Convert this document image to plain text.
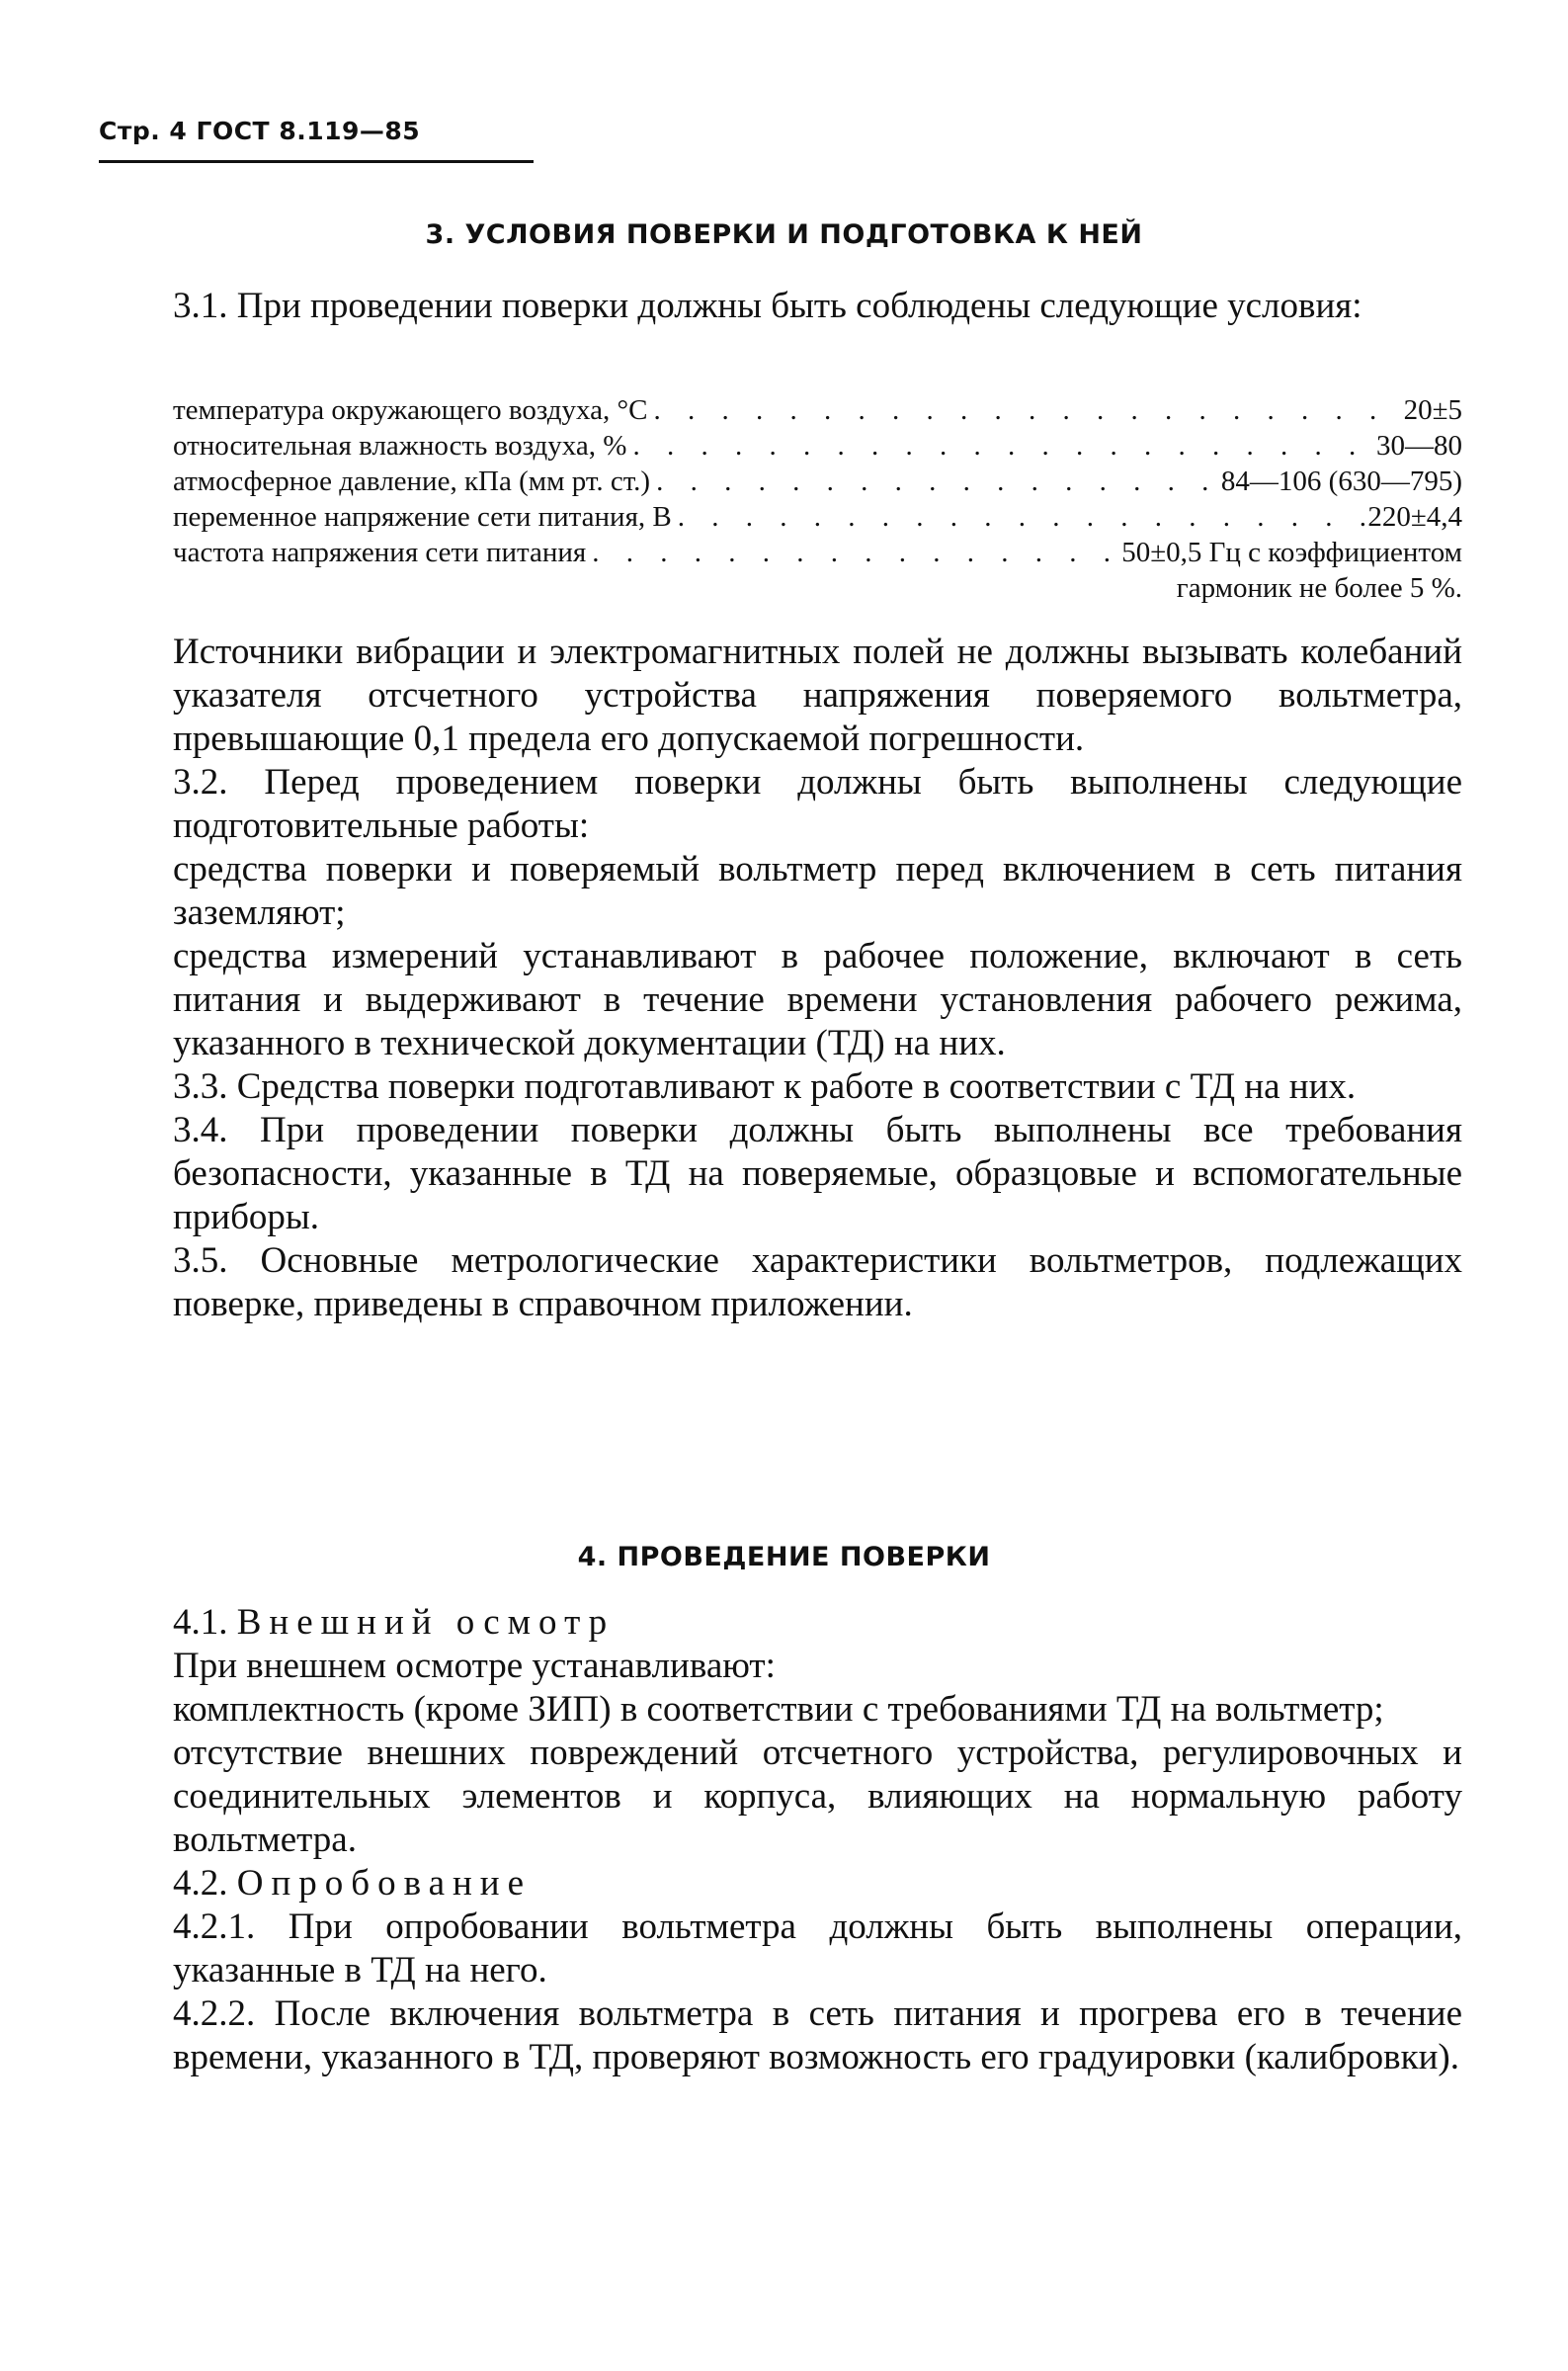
Стр. 4 ГОСТ 8.119—85
3. УСЛОВИЯ ПОВЕРКИ И ПОДГОТОВКА К НЕЙ

3.1. При проведении поверки должны быть соблюдены следующие условия:

температура окружающего воздуха, °С . . .	20±5
относительная влажность воздуха, % . . .	30—80
атмосферное давление, кПа (мм рт. ст.) . . .	84—106 (630—795)
переменное напряжение сети питания, В . . .	220±4,4
частота напряжения сети питания . . .	50±0,5 Гц с коэффициентом
гармоник не более 5 %.

Источники вибрации и электромагнитных полей не должны вызывать колебаний указателя отсчетного устройства напряжения поверяемого вольтметра, превышающие 0,1 предела его допускаемой погрешности.

3.2. Перед проведением поверки должны быть выполнены следующие подготовительные работы:

средства поверки и поверяемый вольтметр перед включением в сеть питания заземляют;

средства измерений устанавливают в рабочее положение, включают в сеть питания и выдерживают в течение времени установления рабочего режима, указанного в технической документации (ТД) на них.

3.3. Средства поверки подготавливают к работе в соответствии с ТД на них.

3.4. При проведении поверки должны быть выполнены все требования безопасности, указанные в ТД на поверяемые, образцовые и вспомогательные приборы.

3.5. Основные метрологические характеристики вольтметров, подлежащих поверке, приведены в справочном приложении.

4. ПРОВЕДЕНИЕ ПОВЕРКИ

4.1. Внешний осмотр

При внешнем осмотре устанавливают:

комплектность (кроме ЗИП) в соответствии с требованиями ТД на вольтметр;

отсутствие внешних повреждений отсчетного устройства, регулировочных и соединительных элементов и корпуса, влияющих на нормальную работу вольтметра.

4.2. Опробование

4.2.1. При опробовании вольтметра должны быть выполнены операции, указанные в ТД на него.

4.2.2. После включения вольтметра в сеть питания и прогрева его в течение времени, указанного в ТД, проверяют возможность его градуировки (калибровки).
